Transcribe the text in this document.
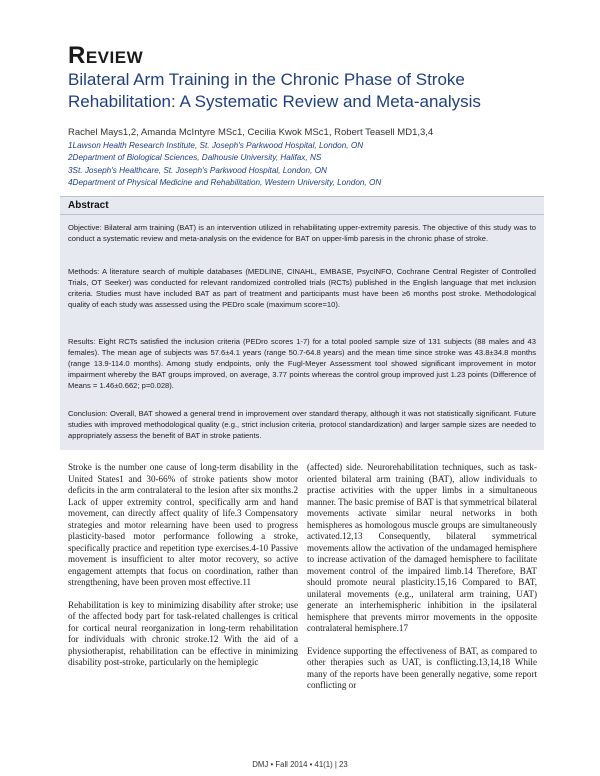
Review
Bilateral Arm Training in the Chronic Phase of Stroke Rehabilitation: A Systematic Review and Meta-analysis
Rachel Mays1,2, Amanda McIntyre MSc1, Cecilia Kwok MSc1, Robert Teasell MD1,3,4
1Lawson Health Research Institute, St. Joseph's Parkwood Hospital, London, ON
2Department of Biological Sciences, Dalhousie University, Halifax, NS
3St. Joseph's Healthcare, St. Joseph's Parkwood Hospital, London, ON
4Department of Physical Medicine and Rehabilitation, Western University, London, ON
Abstract
Objective: Bilateral arm training (BAT) is an intervention utilized in rehabilitating upper-extremity paresis. The objective of this study was to conduct a systematic review and meta-analysis on the evidence for BAT on upper-limb paresis in the chronic phase of stroke.
Methods: A literature search of multiple databases (MEDLINE, CINAHL, EMBASE, PsycINFO, Cochrane Central Register of Controlled Trials, OT Seeker) was conducted for relevant randomized controlled trials (RCTs) published in the English language that met inclusion criteria. Studies must have included BAT as part of treatment and participants must have been ≥6 months post stroke. Methodological quality of each study was assessed using the PEDro scale (maximum score=10).
Results: Eight RCTs satisfied the inclusion criteria (PEDro scores 1-7) for a total pooled sample size of 131 subjects (88 males and 43 females). The mean age of subjects was 57.6±4.1 years (range 50.7-64.8 years) and the mean time since stroke was 43.8±34.8 months (range 13.9-114.0 months). Among study endpoints, only the Fugl-Meyer Assessment tool showed significant improvement in motor impairment whereby the BAT groups improved, on average, 3.77 points whereas the control group improved just 1.23 points (Difference of Means = 1.46±0.662; p=0.028).
Conclusion: Overall, BAT showed a general trend in improvement over standard therapy, although it was not statistically significant. Future studies with improved methodological quality (e.g., strict inclusion criteria, protocol standardization) and larger sample sizes are needed to appropriately assess the benefit of BAT in stroke patients.

Stroke is the number one cause of long-term disability in the United States1 and 30-66% of stroke patients show motor deficits in the arm contralateral to the lesion after six months.2 Lack of upper extremity control, specifically arm and hand movement, can directly affect quality of life.3 Compensatory strategies and motor relearning have been used to progress plasticity-based motor performance following a stroke, specifically practice and repetition type exercises.4-10 Passive movement is insufficient to alter motor recovery, so active engagement attempts that focus on coordination, rather than strengthening, have been proven most effective.11

Rehabilitation is key to minimizing disability after stroke; use of the affected body part for task-related challenges is critical for cortical neural reorganization in long-term rehabilitation for individuals with chronic stroke.12 With the aid of a physiotherapist, rehabilitation can be effective in minimizing disability post-stroke, particularly on the hemiplegic

(affected) side. Neurorehabilitation techniques, such as task-oriented bilateral arm training (BAT), allow individuals to practise activities with the upper limbs in a simultaneous manner. The basic premise of BAT is that symmetrical bilateral movements activate similar neural networks in both hemispheres as homologous muscle groups are simultaneously activated.12,13 Consequently, bilateral symmetrical movements allow the activation of the undamaged hemisphere to increase activation of the damaged hemisphere to facilitate movement control of the impaired limb.14 Therefore, BAT should promote neural plasticity.15,16 Compared to BAT, unilateral movements (e.g., unilateral arm training, UAT) generate an interhemispheric inhibition in the ipsilateral hemisphere that prevents mirror movements in the opposite contralateral hemisphere.17

Evidence supporting the effectiveness of BAT, as compared to other therapies such as UAT, is conflicting.13,14,18 While many of the reports have been generally negative, some report conflicting or

DMJ • Fall 2014 • 41(1) | 23
